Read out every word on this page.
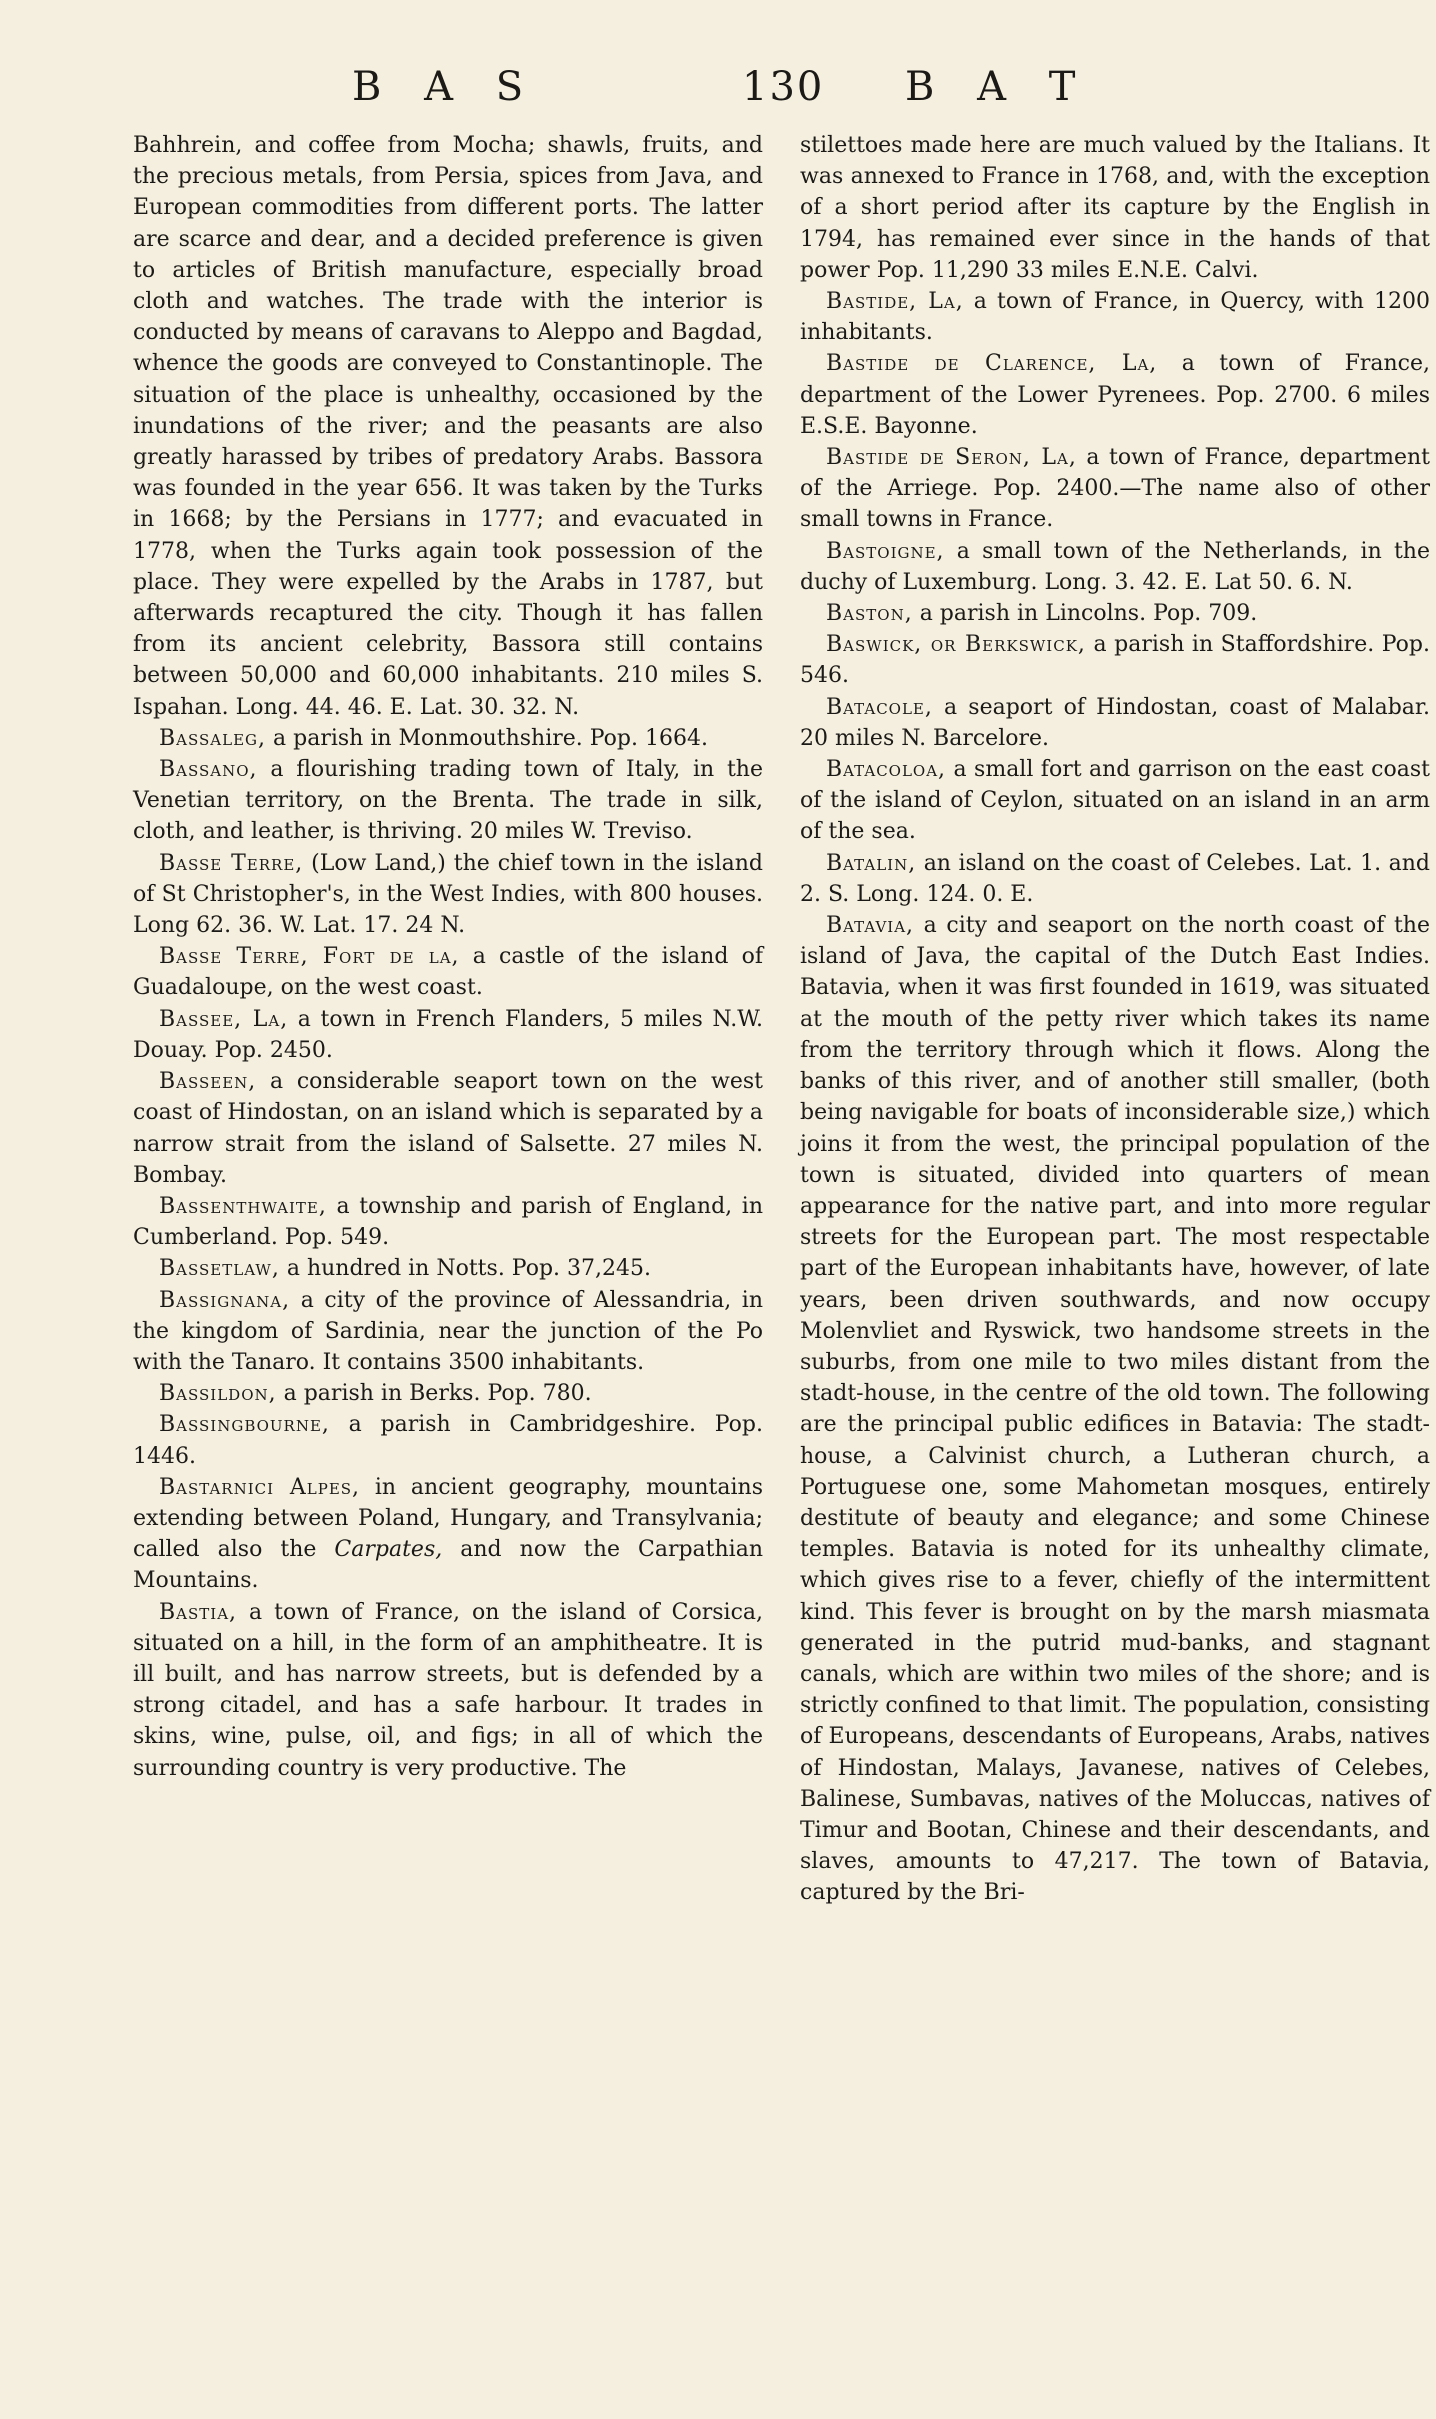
B A S	130 B A T

Bahhrein, and coffee from Mocha; shawls, fruits, and the precious metals, from Persia, spices from Java, and European commodities from different ports. The latter are scarce and dear, and a decided preference is given to articles of British manufacture, especially broad cloth and watches. The trade with the interior is conducted by means of caravans to Aleppo and Bagdad, whence the goods are conveyed to Constantinople. The situation of the place is unhealthy, occasioned by the inundations of the river; and the peasants are also greatly harassed by tribes of predatory Arabs. Bassora was founded in the year 656. It was taken by the Turks in 1668; by the Persians in 1777; and evacuated in 1778, when the Turks again took possession of the place. They were expelled by the Arabs in 1787, but afterwards recaptured the city. Though it has fallen from its ancient celebrity, Bassora still contains between 50,000 and 60,000 inhabitants. 210 miles S. Ispahan. Long. 44. 46. E. Lat. 30. 32. N.

Bassaleg, a parish in Monmouthshire. Pop. 1664.

Bassano, a flourishing trading town of Italy, in the Venetian territory, on the Brenta. The trade in silk, cloth, and leather, is thriving. 20 miles W. Treviso.

Basse Terre, (Low Land,) the chief town in the island of St Christopher's, in the West Indies, with 800 houses. Long 62. 36. W. Lat. 17. 24 N.

Basse Terre, Fort de la, a castle of the island of Guadaloupe, on the west coast.

Bassee, La, a town in French Flanders, 5 miles N.W. Douay. Pop. 2450.

Basseen, a considerable seaport town on the west coast of Hindostan, on an island which is separated by a narrow strait from the island of Salsette. 27 miles N. Bombay.

Bassenthwaite, a township and parish of England, in Cumberland. Pop. 549.

Bassetlaw, a hundred in Notts. Pop. 37,245.

Bassignana, a city of the province of Alessandria, in the kingdom of Sardinia, near the junction of the Po with the Tanaro. It contains 3500 inhabitants.

Bassildon, a parish in Berks. Pop. 780.

Bassingbourne, a parish in Cambridgeshire. Pop. 1446.

Bastarnici Alpes, in ancient geography, mountains extending between Poland, Hungary, and Transylvania; called also the Carpates, and now the Carpathian Mountains.

Bastia, a town of France, on the island of Corsica, situated on a hill, in the form of an amphitheatre. It is ill built, and has narrow streets, but is defended by a strong citadel, and has a safe harbour. It trades in skins, wine, pulse, oil, and figs; in all of which the surrounding country is very productive. The

stilettoes made here are much valued by the Italians. It was annexed to France in 1768, and, with the exception of a short period after its capture by the English in 1794, has remained ever since in the hands of that power Pop. 11,290 33 miles E.N.E. Calvi.

Bastide, La, a town of France, in Quercy, with 1200 inhabitants.

Bastide de Clarence, La, a town of France, department of the Lower Pyrenees. Pop. 2700. 6 miles E.S.E. Bayonne.

Bastide de Seron, La, a town of France, department of the Arriege. Pop. 2400.—The name also of other small towns in France.

Bastoigne, a small town of the Netherlands, in the duchy of Luxemburg. Long. 3. 42. E. Lat 50. 6. N.

Baston, a parish in Lincolns. Pop. 709.

Baswick, or Berkswick, a parish in Staffordshire. Pop. 546.

Batacole, a seaport of Hindostan, coast of Malabar. 20 miles N. Barcelore.

Batacoloa, a small fort and garrison on the east coast of the island of Ceylon, situated on an island in an arm of the sea.

Batalin, an island on the coast of Celebes. Lat. 1. and 2. S. Long. 124. 0. E.

Batavia, a city and seaport on the north coast of the island of Java, the capital of the Dutch East Indies. Batavia, when it was first founded in 1619, was situated at the mouth of the petty river which takes its name from the territory through which it flows. Along the banks of this river, and of another still smaller, (both being navigable for boats of inconsiderable size,) which joins it from the west, the principal population of the town is situated, divided into quarters of mean appearance for the native part, and into more regular streets for the European part. The most respectable part of the European inhabitants have, however, of late years, been driven southwards, and now occupy Molenvliet and Ryswick, two handsome streets in the suburbs, from one mile to two miles distant from the stadt-house, in the centre of the old town. The following are the principal public edifices in Batavia: The stadt-house, a Calvinist church, a Lutheran church, a Portuguese one, some Mahometan mosques, entirely destitute of beauty and elegance; and some Chinese temples. Batavia is noted for its unhealthy climate, which gives rise to a fever, chiefly of the intermittent kind. This fever is brought on by the marsh miasmata generated in the putrid mud-banks, and stagnant canals, which are within two miles of the shore; and is strictly confined to that limit. The population, consisting of Europeans, descendants of Europeans, Arabs, natives of Hindostan, Malays, Javanese, natives of Celebes, Balinese, Sumbavas, natives of the Moluccas, natives of Timur and Bootan, Chinese and their descendants, and slaves, amounts to 47,217. The town of Batavia, captured by the Bri-
